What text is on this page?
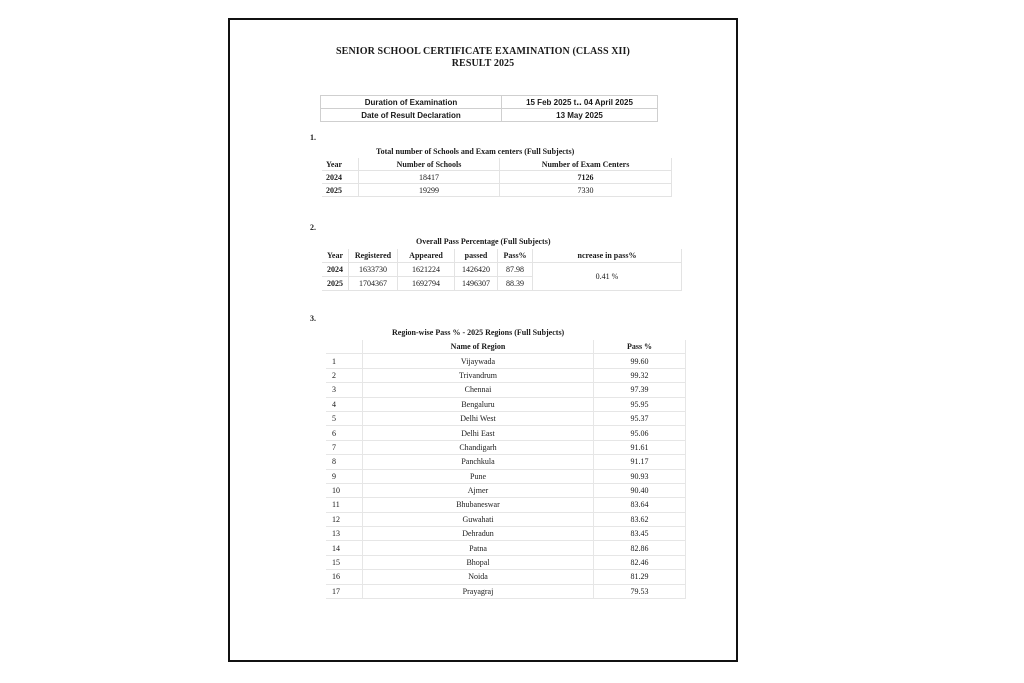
SENIOR SCHOOL CERTIFICATE EXAMINATION (CLASS XII)
RESULT 2025
Duration of Examination	15 Feb 2025 t‥ 04 April 2025
Date of Result Declaration	13 May 2025
1.
Total number of Schools and Exam centers (Full Subjects)
Year	Number of Schools	Number of Exam Centers
2024	18417	7126
2025	19299	7330
2.
Overall Pass Percentage (Full Subjects)
Year	Registered	Appeared	passed	Pass%	ncrease in pass%
2024	1633730	1621224	1426420	87.98	0.41 %
2025	1704367	1692794	1496307	88.39	
3.
Region-wise Pass % - 2025 Regions (Full Subjects)
	Name of Region	Pass %
1	Vijaywada	99.60
2	Trivandrum	99.32
3	Chennai	97.39
4	Bengaluru	95.95
5	Delhi West	95.37
6	Delhi East	95.06
7	Chandigarh	91.61
8	Panchkula	91.17
9	Pune	90.93
10	Ajmer	90.40
11	Bhubaneswar	83.64
12	Guwahati	83.62
13	Dehradun	83.45
14	Patna	82.86
15	Bhopal	82.46
16	Noida	81.29
17	Prayagraj	79.53
